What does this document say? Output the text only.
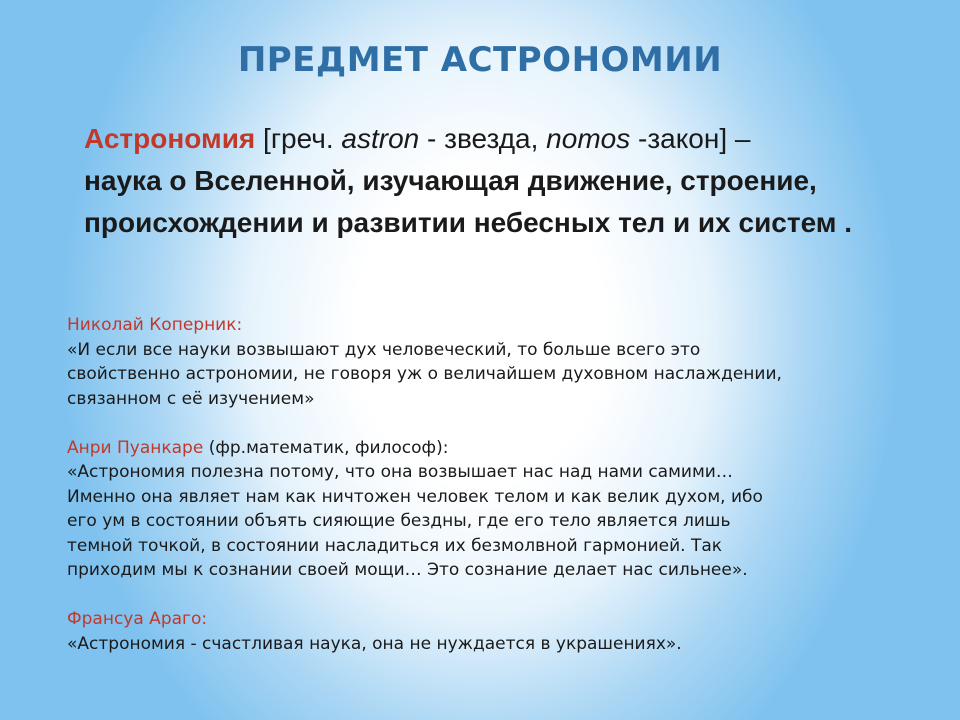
ПРЕДМЕТ АСТРОНОМИИ
Астрономия [греч. astron - звезда, nomos -закон] –
наука о Вселенной, изучающая движение, строение, происхождении и развитии небесных тел и их систем .
Николай Коперник:
«И если все науки возвышают дух человеческий, то больше всего это
свойственно астрономии, не говоря уж о величайшем духовном наслаждении,
связанном с её изучением»
Анри Пуанкаре (фр.математик, философ):
«Астрономия полезна потому, что она возвышает нас над нами самими…
Именно она являет нам как ничтожен человек телом и как велик духом, ибо
его ум в состоянии объять сияющие бездны, где его тело является лишь
темной точкой, в состоянии насладиться их безмолвной гармонией. Так
приходим мы к сознании своей мощи… Это сознание делает нас сильнее».
Франсуа Араго:
«Астрономия - счастливая наука, она не нуждается в украшениях».
